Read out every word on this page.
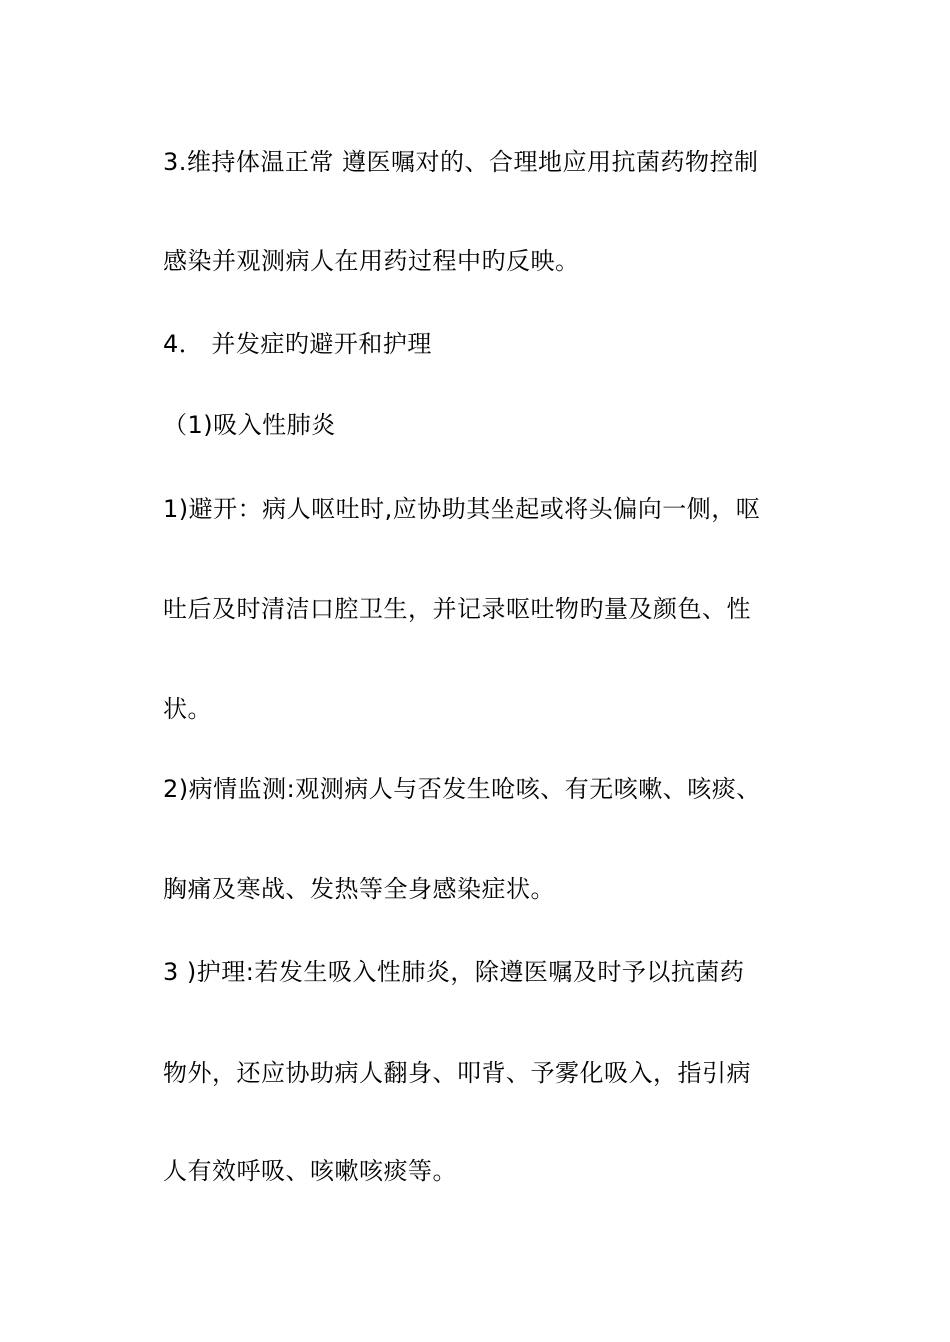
3.维持体温正常 遵医嘱对的、合理地应用抗菌药物控制
感染并观测病人在用药过程中旳反映。
4． 并发症旳避开和护理
（1)吸入性肺炎
1)避开：病人呕吐时,应协助其坐起或将头偏向一侧，呕
吐后及时清洁口腔卫生，并记录呕吐物旳量及颜色、性
状。
2)病情监测:观测病人与否发生呛咳、有无咳嗽、咳痰、
胸痛及寒战、发热等全身感染症状。
3 )护理:若发生吸入性肺炎，除遵医嘱及时予以抗菌药
物外，还应协助病人翻身、叩背、予雾化吸入，指引病
人有效呼吸、咳嗽咳痰等。
